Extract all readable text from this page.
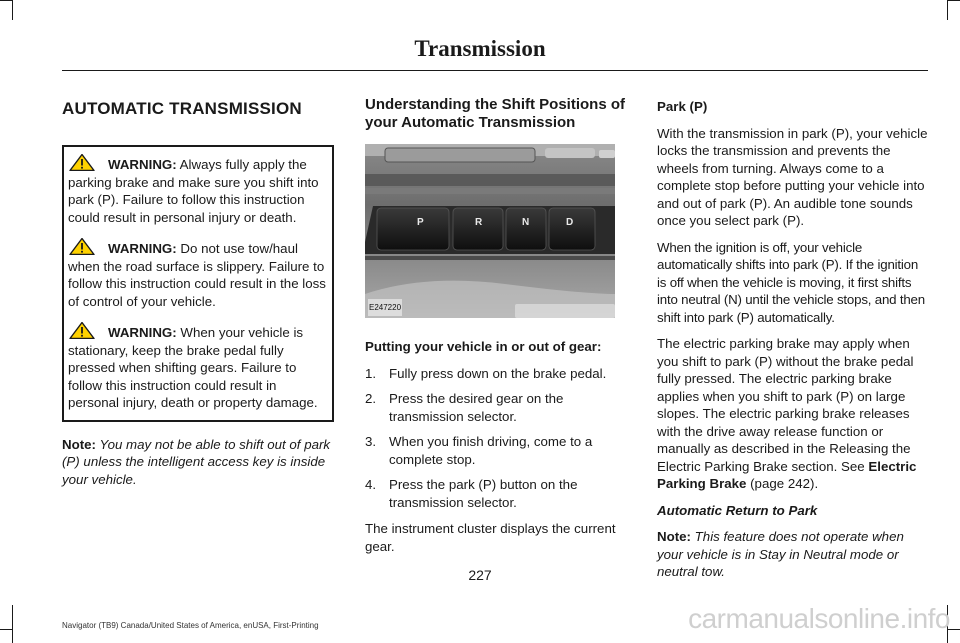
Transmission
AUTOMATIC TRANSMISSION

WARNING: Always fully apply the parking brake and make sure you shift into park (P). Failure to follow this instruction could result in personal injury or death.

WARNING: Do not use tow/haul when the road surface is slippery. Failure to follow this instruction could result in the loss of control of your vehicle.

WARNING: When your vehicle is stationary, keep the brake pedal fully pressed when shifting gears. Failure to follow this instruction could result in personal injury, death or property damage.

Note: You may not be able to shift out of park (P) unless the intelligent access key is inside your vehicle.

Understanding the Shift Positions of your Automatic Transmission
P	R	N	D
E247220

Putting your vehicle in or out of gear:

1. Fully press down on the brake pedal.
2. Press the desired gear on the transmission selector.
3. When you finish driving, come to a complete stop.
4. Press the park (P) button on the transmission selector.

The instrument cluster displays the current gear.

Park (P)

With the transmission in park (P), your vehicle locks the transmission and prevents the wheels from turning. Always come to a complete stop before putting your vehicle into and out of park (P). An audible tone sounds once you select park (P).

When the ignition is off, your vehicle automatically shifts into park (P). If the ignition is off when the vehicle is moving, it first shifts into neutral (N) until the vehicle stops, and then shift into park (P) automatically.

The electric parking brake may apply when you shift to park (P) without the brake pedal fully pressed. The electric parking brake applies when you shift to park (P) on large slopes. The electric parking brake releases with the drive away release function or manually as described in the Releasing the Electric Parking Brake section. See Electric Parking Brake (page 242).

Automatic Return to Park

Note: This feature does not operate when your vehicle is in Stay in Neutral mode or neutral tow.

227
Navigator (TB9) Canada/United States of America, enUSA, First-Printing	carmanualsonline.info
